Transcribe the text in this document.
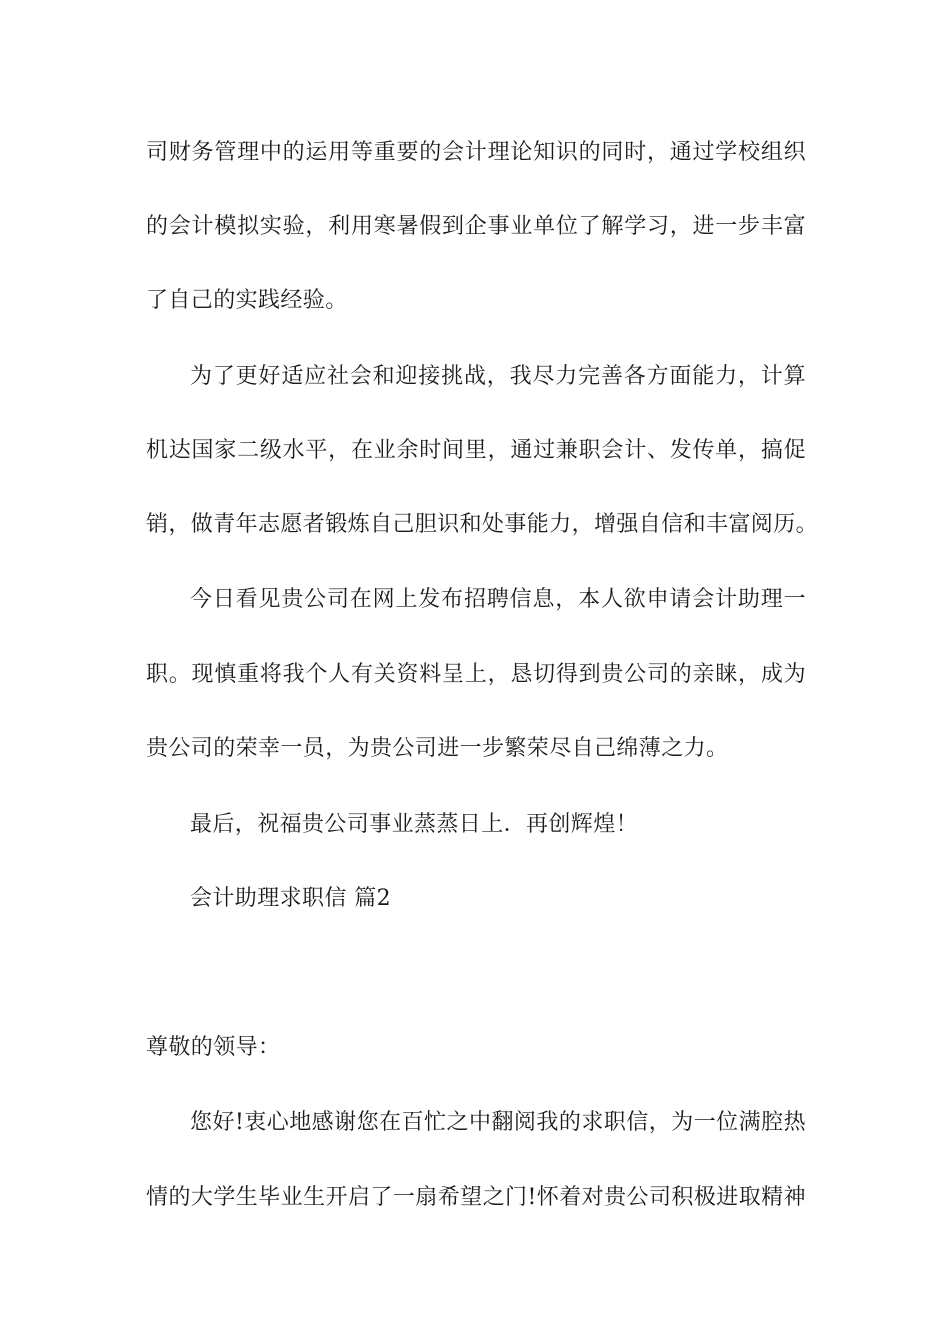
司财务管理中的运用等重要的会计理论知识的同时，通过学校组织
的会计模拟实验，利用寒暑假到企事业单位了解学习，进一步丰富
了自己的实践经验。
为了更好适应社会和迎接挑战，我尽力完善各方面能力，计算
机达国家二级水平，在业余时间里，通过兼职会计、发传单，搞促
销，做青年志愿者锻炼自己胆识和处事能力，增强自信和丰富阅历。
今日看见贵公司在网上发布招聘信息，本人欲申请会计助理一
职。现慎重将我个人有关资料呈上，恳切得到贵公司的亲睐，成为
贵公司的荣幸一员，为贵公司进一步繁荣尽自己绵薄之力。
最后，祝福贵公司事业蒸蒸日上．再创辉煌！
会计助理求职信 篇2
尊敬的领导：
您好!衷心地感谢您在百忙之中翻阅我的求职信，为一位满腔热
情的大学生毕业生开启了一扇希望之门!怀着对贵公司积极进取精神
